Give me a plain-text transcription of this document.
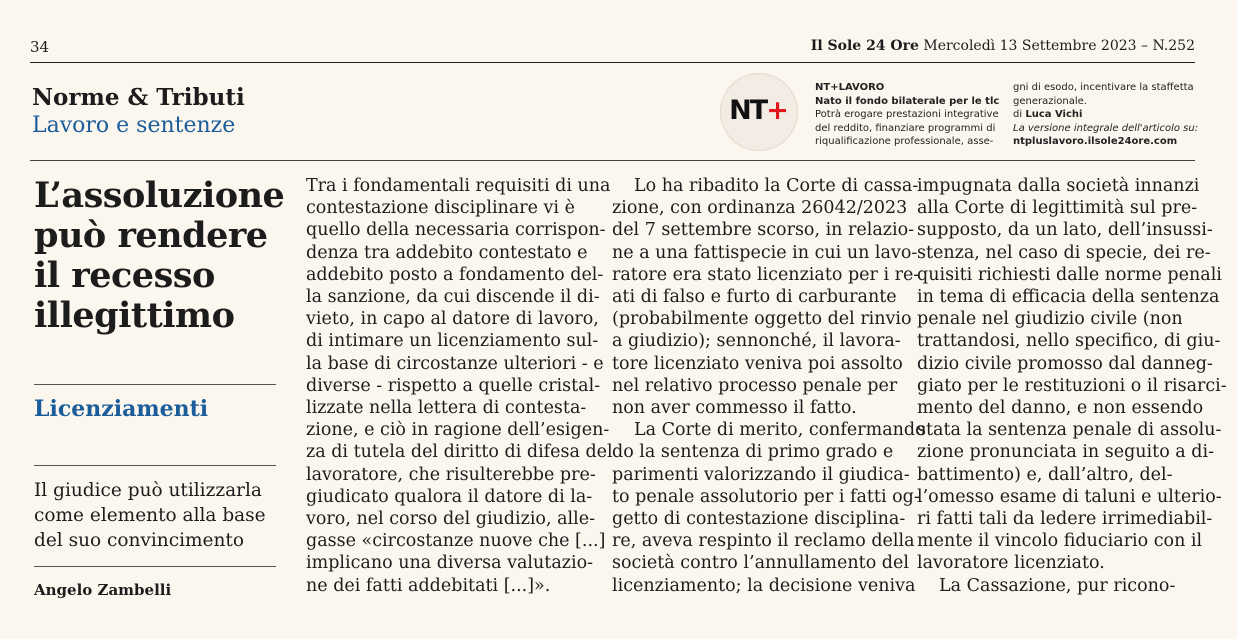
34	Il Sole 24 Ore Mercoledì 13 Settembre 2023 – N.252
Norme & Tributi
Lavoro e sentenze	NT+
NT+LAVORO
Nato il fondo bilaterale per le tlc
Potrà erogare prestazioni integrative
del reddito, finanziare programmi di
riqualificazione professionale, asse-
gni di esodo, incentivare la staffetta
generazionale.
di Luca Vichi
La versione integrale dell'articolo su:
ntpluslavoro.ilsole24ore.com
L’assoluzione può rendere il recesso illegittimo
Licenziamenti
Il giudice può utilizzarla come elemento alla base del suo convincimento
Angelo Zambelli

Tra i fondamentali requisiti di una
contestazione disciplinare vi è
quello della necessaria corrispon-
denza tra addebito contestato e
addebito posto a fondamento del-
la sanzione, da cui discende il di-
vieto, in capo al datore di lavoro,
di intimare un licenziamento sul-
la base di circostanze ulteriori - e
diverse - rispetto a quelle cristal-
lizzate nella lettera di contesta-
zione, e ciò in ragione dell’esigen-
za di tutela del diritto di difesa del
lavoratore, che risulterebbe pre-
giudicato qualora il datore di la-
voro, nel corso del giudizio, alle-
gasse «circostanze nuove che [...]
implicano una diversa valutazio-
ne dei fatti addebitati [...]».

Lo ha ribadito la Corte di cassa-
zione, con ordinanza 26042/2023
del 7 settembre scorso, in relazio-
ne a una fattispecie in cui un lavo-
ratore era stato licenziato per i re-
ati di falso e furto di carburante
(probabilmente oggetto del rinvio
a giudizio); sennonché, il lavora-
tore licenziato veniva poi assolto
nel relativo processo penale per
non aver commesso il fatto.

La Corte di merito, confermando
do la sentenza di primo grado e
parimenti valorizzando il giudica-
to penale assolutorio per i fatti og-
getto di contestazione disciplina-
re, aveva respinto il reclamo della
società contro l’annullamento del
licenziamento; la decisione veniva

impugnata dalla società innanzi
alla Corte di legittimità sul pre-
supposto, da un lato, dell’insussi-
stenza, nel caso di specie, dei re-
quisiti richiesti dalle norme penali
in tema di efficacia della sentenza
penale nel giudizio civile (non
trattandosi, nello specifico, di giu-
dizio civile promosso dal danneg-
giato per le restituzioni o il risarci-
mento del danno, e non essendo
stata la sentenza penale di assolu-
zione pronunciata in seguito a di-
battimento) e, dall’altro, del-
l’omesso esame di taluni e ulterio-
ri fatti tali da ledere irrimediabil-
mente il vincolo fiduciario con il
lavoratore licenziato.

La Cassazione, pur ricono-
